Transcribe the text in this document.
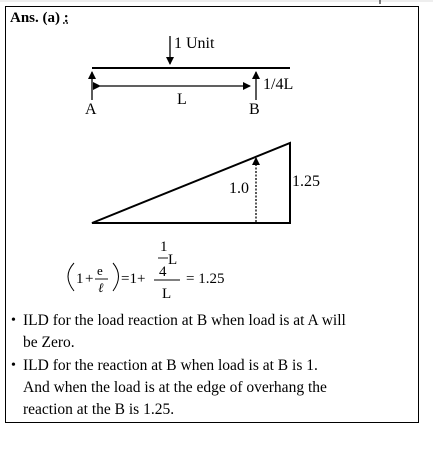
Ans. (a) :
1 Unit
L
1/4L
A	B
1.0	1.25
1 +
e
ℓ
=1+
1
L
4
L
= 1.25
• ILD for the load reaction at B when load is at A will
be Zero.
• ILD for the reaction at B when load is at B is 1.
And when the load is at the edge of overhang the
reaction at the B is 1.25.
